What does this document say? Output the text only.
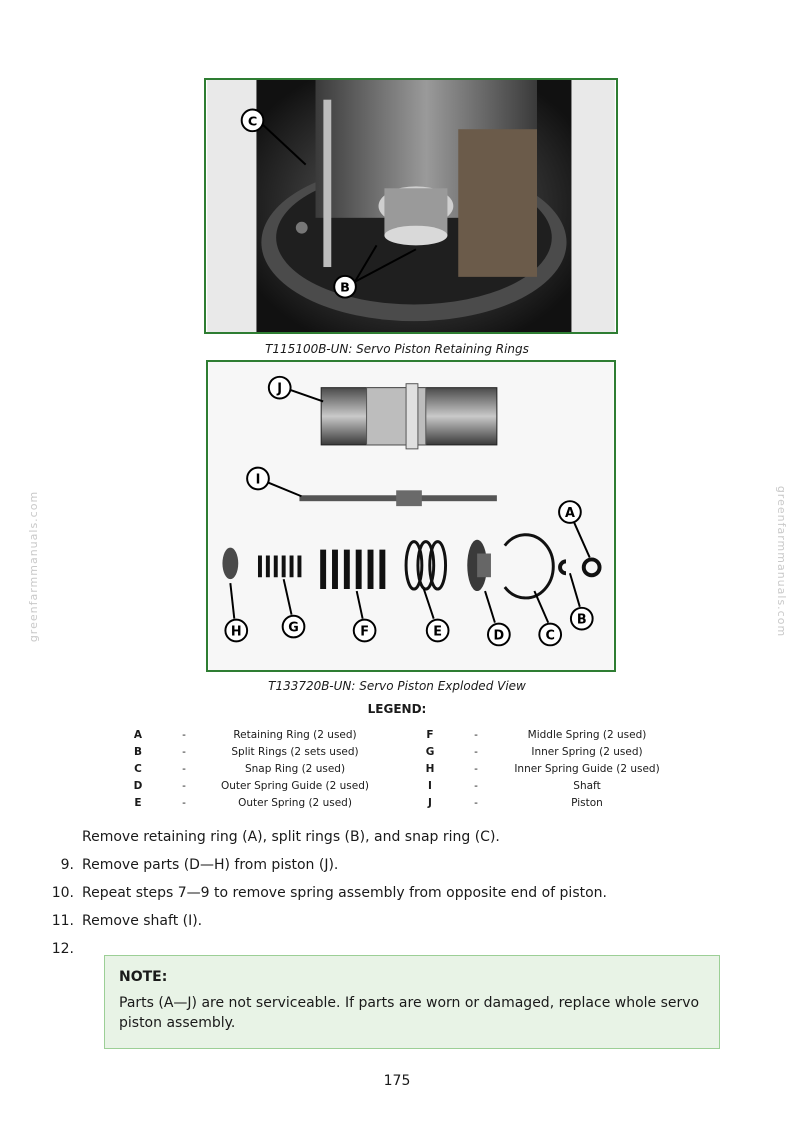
greenfarmmanuals.com	greenfarmmanuals.com
C
B
T115100B-UN: Servo Piston Retaining Rings
J
I
H	G	F	E	D	C
B
A
T133720B-UN: Servo Piston Exploded View
LEGEND:
A	-	Retaining Ring (2 used)		F	-	Middle Spring (2 used)
B	-	Split Rings (2 sets used)		G	-	Inner Spring (2 used)
C	-	Snap Ring (2 used)		H	-	Inner Spring Guide (2 used)
D	-	Outer Spring Guide (2 used)		I	-	Shaft
E	-	Outer Spring (2 used)		J	-	Piston
Remove retaining ring (A), split rings (B), and snap ring (C).
9. Remove parts (D—H) from piston (J).
10. Repeat steps 7—9 to remove spring assembly from opposite end of piston.
11. Remove shaft (I).
12.
NOTE:
Parts (A—J) are not serviceable. If parts are worn or damaged, replace whole servo piston assembly.
175
